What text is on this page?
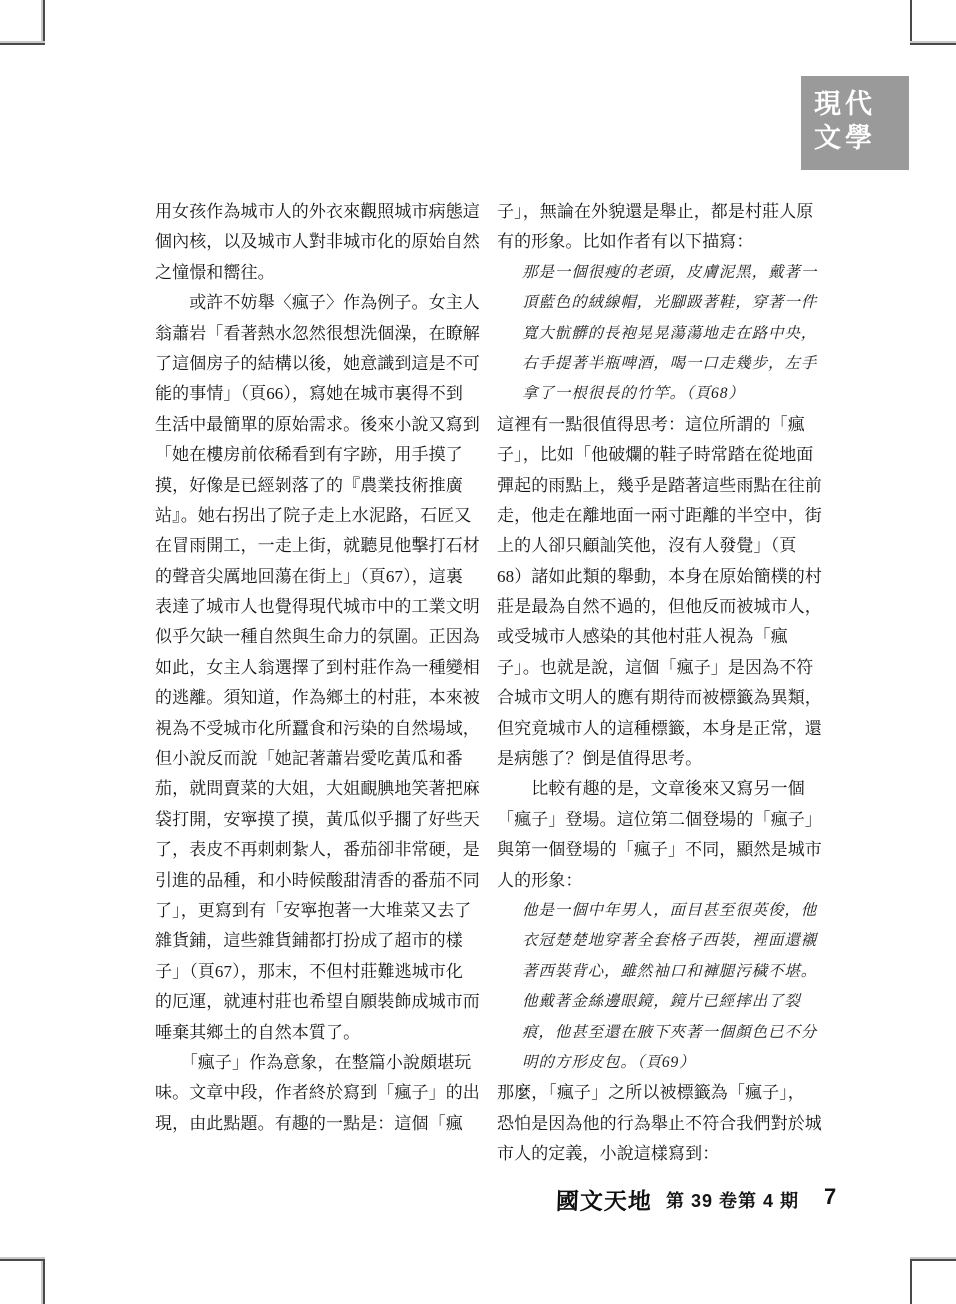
現代
文學
用女孩作為城市人的外衣來觀照城市病態這
個內核，以及城市人對非城市化的原始自然
之憧憬和嚮往。
　　或許不妨舉〈瘋子〉作為例子。女主人
翁蕭岩「看著熱水忽然很想洗個澡，在瞭解
了這個房子的結構以後，她意識到這是不可
能的事情」（頁66），寫她在城市裏得不到
生活中最簡單的原始需求。後來小說又寫到
「她在樓房前依稀看到有字跡，用手摸了
摸，好像是已經剝落了的『農業技術推廣
站』。她右拐出了院子走上水泥路，石匠又
在冒雨開工，一走上街，就聽見他擊打石材
的聲音尖厲地回蕩在街上」（頁67），這裏
表達了城市人也覺得現代城市中的工業文明
似乎欠缺一種自然與生命力的氛圍。正因為
如此，女主人翁選擇了到村莊作為一種變相
的逃離。須知道，作為鄉土的村莊，本來被
視為不受城市化所蠶食和污染的自然場域，
但小說反而說「她記著蕭岩愛吃黃瓜和番
茄，就問賣菜的大姐，大姐靦腆地笑著把麻
袋打開，安寧摸了摸，黃瓜似乎擱了好些天
了，表皮不再刺刺紮人，番茄卻非常硬，是
引進的品種，和小時候酸甜清香的番茄不同
了」，更寫到有「安寧抱著一大堆菜又去了
雜貨鋪，這些雜貨鋪都打扮成了超市的樣
子」（頁67），那末，不但村莊難逃城市化
的厄運，就連村莊也希望自願裝飾成城市而
唾棄其鄉土的自然本質了。
　　「瘋子」作為意象，在整篇小說頗堪玩
味。文章中段，作者終於寫到「瘋子」的出
現，由此點題。有趣的一點是：這個「瘋
子」，無論在外貌還是舉止，都是村莊人原
有的形象。比如作者有以下描寫：
那是一個很瘦的老頭，皮膚泥黑，戴著一
頂藍色的絨線帽，光腳趿著鞋，穿著一件
寬大骯髒的長袍晃晃蕩蕩地走在路中央，
右手提著半瓶啤酒，喝一口走幾步，左手
拿了一根很長的竹竿。（頁68）
這裡有一點很值得思考：這位所謂的「瘋
子」，比如「他破爛的鞋子時常踏在從地面
彈起的雨點上，幾乎是踏著這些雨點在往前
走，他走在離地面一兩寸距離的半空中，街
上的人卻只顧訕笑他，沒有人發覺」（頁
68）諸如此類的舉動，本身在原始簡樸的村
莊是最為自然不過的，但他反而被城市人，
或受城市人感染的其他村莊人視為「瘋
子」。也就是說，這個「瘋子」是因為不符
合城市文明人的應有期待而被標籤為異類，
但究竟城市人的這種標籤，本身是正常，還
是病態了？倒是值得思考。
　　比較有趣的是，文章後來又寫另一個
「瘋子」登場。這位第二個登場的「瘋子」
與第一個登場的「瘋子」不同，顯然是城市
人的形象：
他是一個中年男人，面目甚至很英俊，他
衣冠楚楚地穿著全套格子西裝，裡面還襯
著西裝背心，雖然袖口和褲腿污穢不堪。
他戴著金絲邊眼鏡，鏡片已經摔出了裂
痕，他甚至還在腋下夾著一個顏色已不分
明的方形皮包。（頁69）
那麼，「瘋子」之所以被標籤為「瘋子」，
恐怕是因為他的行為舉止不符合我們對於城
市人的定義，小說這樣寫到：
國文天地 第 39 卷第 4 期 7
